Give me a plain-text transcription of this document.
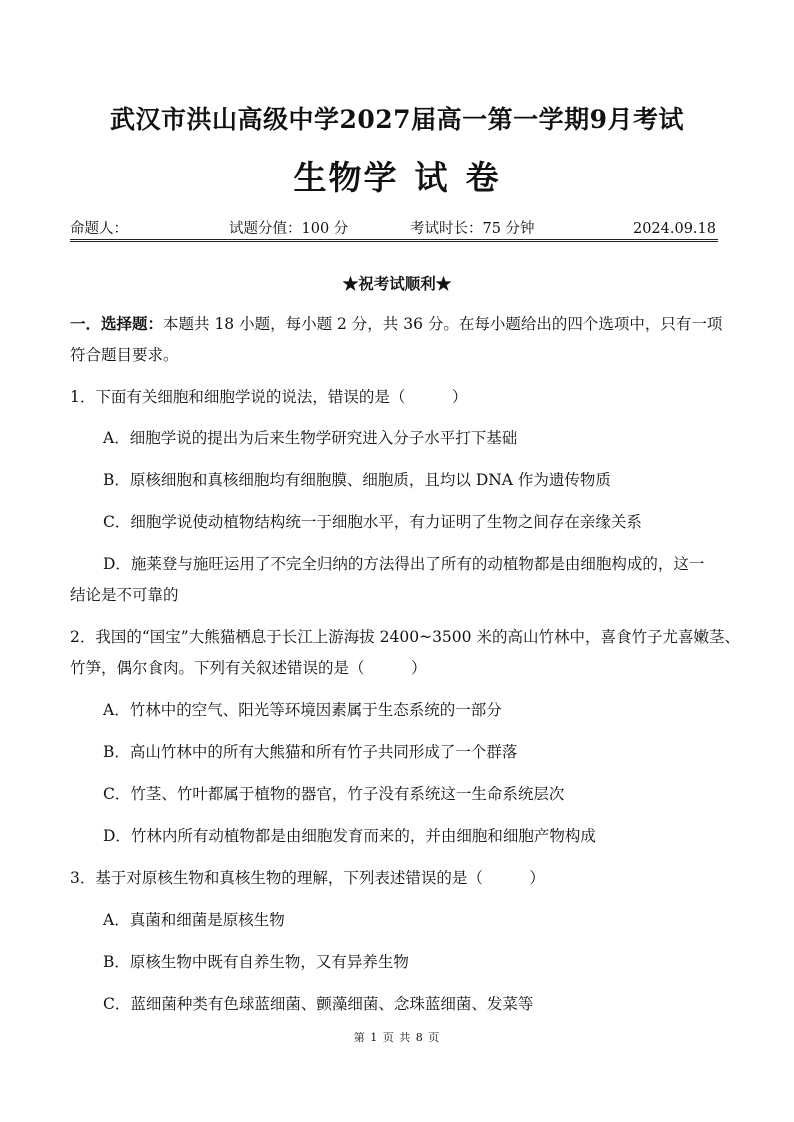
武汉市洪山高级中学2027届高一第一学期9月考试
生物学 试 卷
命题人：	试题分值：100 分	考试时长：75 分钟	2024.09.18
★祝考试顺利★
一．选择题：本题共 18 小题，每小题 2 分，共 36 分。在每小题给出的四个选项中，只有一项
符合题目要求。
1．下面有关细胞和细胞学说的说法，错误的是（　　　）
A．细胞学说的提出为后来生物学研究进入分子水平打下基础
B．原核细胞和真核细胞均有细胞膜、细胞质，且均以 DNA 作为遗传物质
C．细胞学说使动植物结构统一于细胞水平，有力证明了生物之间存在亲缘关系
D．施莱登与施旺运用了不完全归纳的方法得出了所有的动植物都是由细胞构成的，这一
结论是不可靠的
2．我国的“国宝”大熊猫栖息于长江上游海拔 2400~3500 米的高山竹林中，喜食竹子尤喜嫩茎、
竹笋，偶尔食肉。下列有关叙述错误的是（　　　）
A．竹林中的空气、阳光等环境因素属于生态系统的一部分
B．高山竹林中的所有大熊猫和所有竹子共同形成了一个群落
C．竹茎、竹叶都属于植物的器官，竹子没有系统这一生命系统层次
D．竹林内所有动植物都是由细胞发育而来的，并由细胞和细胞产物构成
3．基于对原核生物和真核生物的理解，下列表述错误的是（　　　）
A．真菌和细菌是原核生物
B．原核生物中既有自养生物，又有异养生物
C．蓝细菌种类有色球蓝细菌、颤藻细菌、念珠蓝细菌、发菜等
第 1 页 共 8 页
